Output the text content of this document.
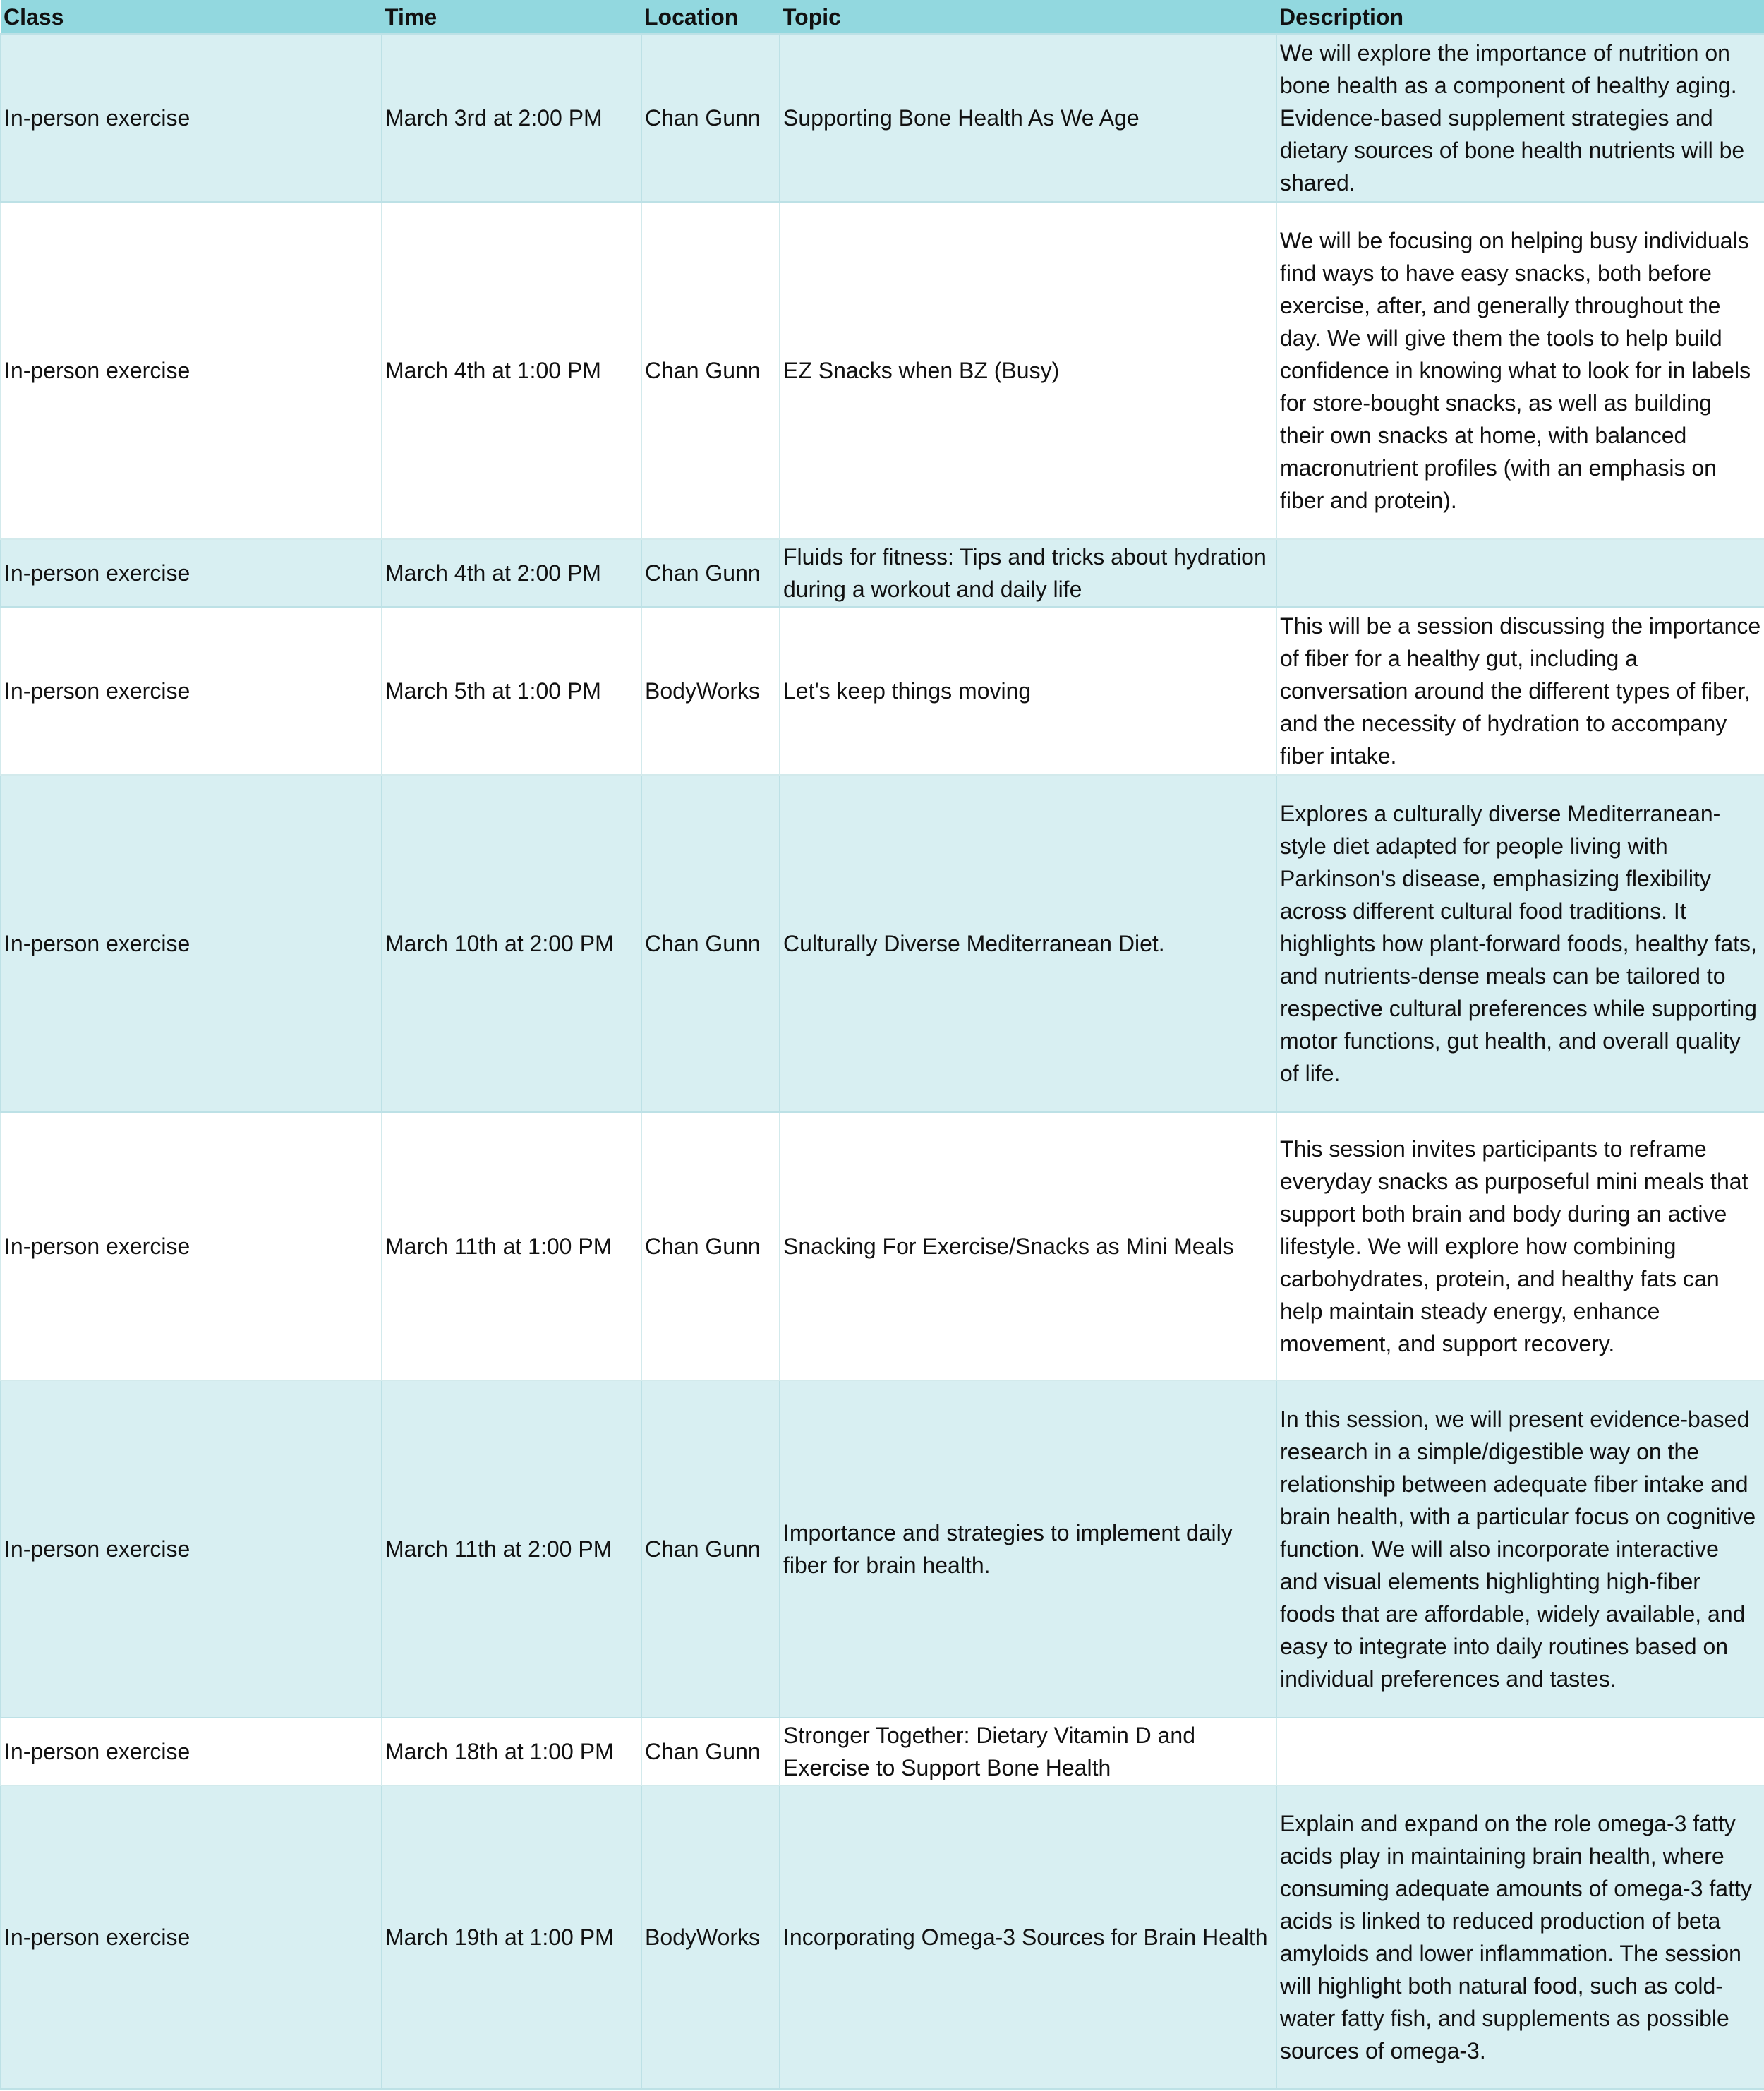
Class	Time	Location	Topic	Description
In-person exercise	March 3rd at 2:00 PM	Chan Gunn	Supporting Bone Health As We Age	We will explore the importance of nutrition on bone health as a component of healthy aging. Evidence-based supplement strategies and dietary sources of bone health nutrients will be shared.
In-person exercise	March 4th at 1:00 PM	Chan Gunn	EZ Snacks when BZ (Busy)	We will be focusing on helping busy individuals find ways to have easy snacks, both before exercise, after, and generally throughout the day. We will give them the tools to help build confidence in knowing what to look for in labels for store-bought snacks, as well as building their own snacks at home, with balanced macronutrient profiles (with an emphasis on fiber and protein).
In-person exercise	March 4th at 2:00 PM	Chan Gunn	Fluids for fitness: Tips and tricks about hydration during a workout and daily life	
In-person exercise	March 5th at 1:00 PM	BodyWorks	Let's keep things moving	This will be a session discussing the importance of fiber for a healthy gut, including a conversation around the different types of fiber, and the necessity of hydration to accompany fiber intake.
In-person exercise	March 10th at 2:00 PM	Chan Gunn	Culturally Diverse Mediterranean Diet.	Explores a culturally diverse Mediterranean-style diet adapted for people living with Parkinson's disease, emphasizing flexibility across different cultural food traditions. It highlights how plant-forward foods, healthy fats, and nutrients-dense meals can be tailored to respective cultural preferences while supporting motor functions, gut health, and overall quality of life.
In-person exercise	March 11th at 1:00 PM	Chan Gunn	Snacking For Exercise/Snacks as Mini Meals	This session invites participants to reframe everyday snacks as purposeful mini meals that support both brain and body during an active lifestyle. We will explore how combining carbohydrates, protein, and healthy fats can help maintain steady energy, enhance movement, and support recovery.
In-person exercise	March 11th at 2:00 PM	Chan Gunn	Importance and strategies to implement daily fiber for brain health.	In this session, we will present evidence-based research in a simple/digestible way on the relationship between adequate fiber intake and brain health, with a particular focus on cognitive function. We will also incorporate interactive and visual elements highlighting high-fiber foods that are affordable, widely available, and easy to integrate into daily routines based on individual preferences and tastes.
In-person exercise	March 18th at 1:00 PM	Chan Gunn	Stronger Together: Dietary Vitamin D and Exercise to Support Bone Health	
In-person exercise	March 19th at 1:00 PM	BodyWorks	Incorporating Omega-3 Sources for Brain Health	Explain and expand on the role omega-3 fatty acids play in maintaining brain health, where consuming adequate amounts of omega-3 fatty acids is linked to reduced production of beta amyloids and lower inflammation. The session will highlight both natural food, such as cold-water fatty fish, and supplements as possible sources of omega-3.
